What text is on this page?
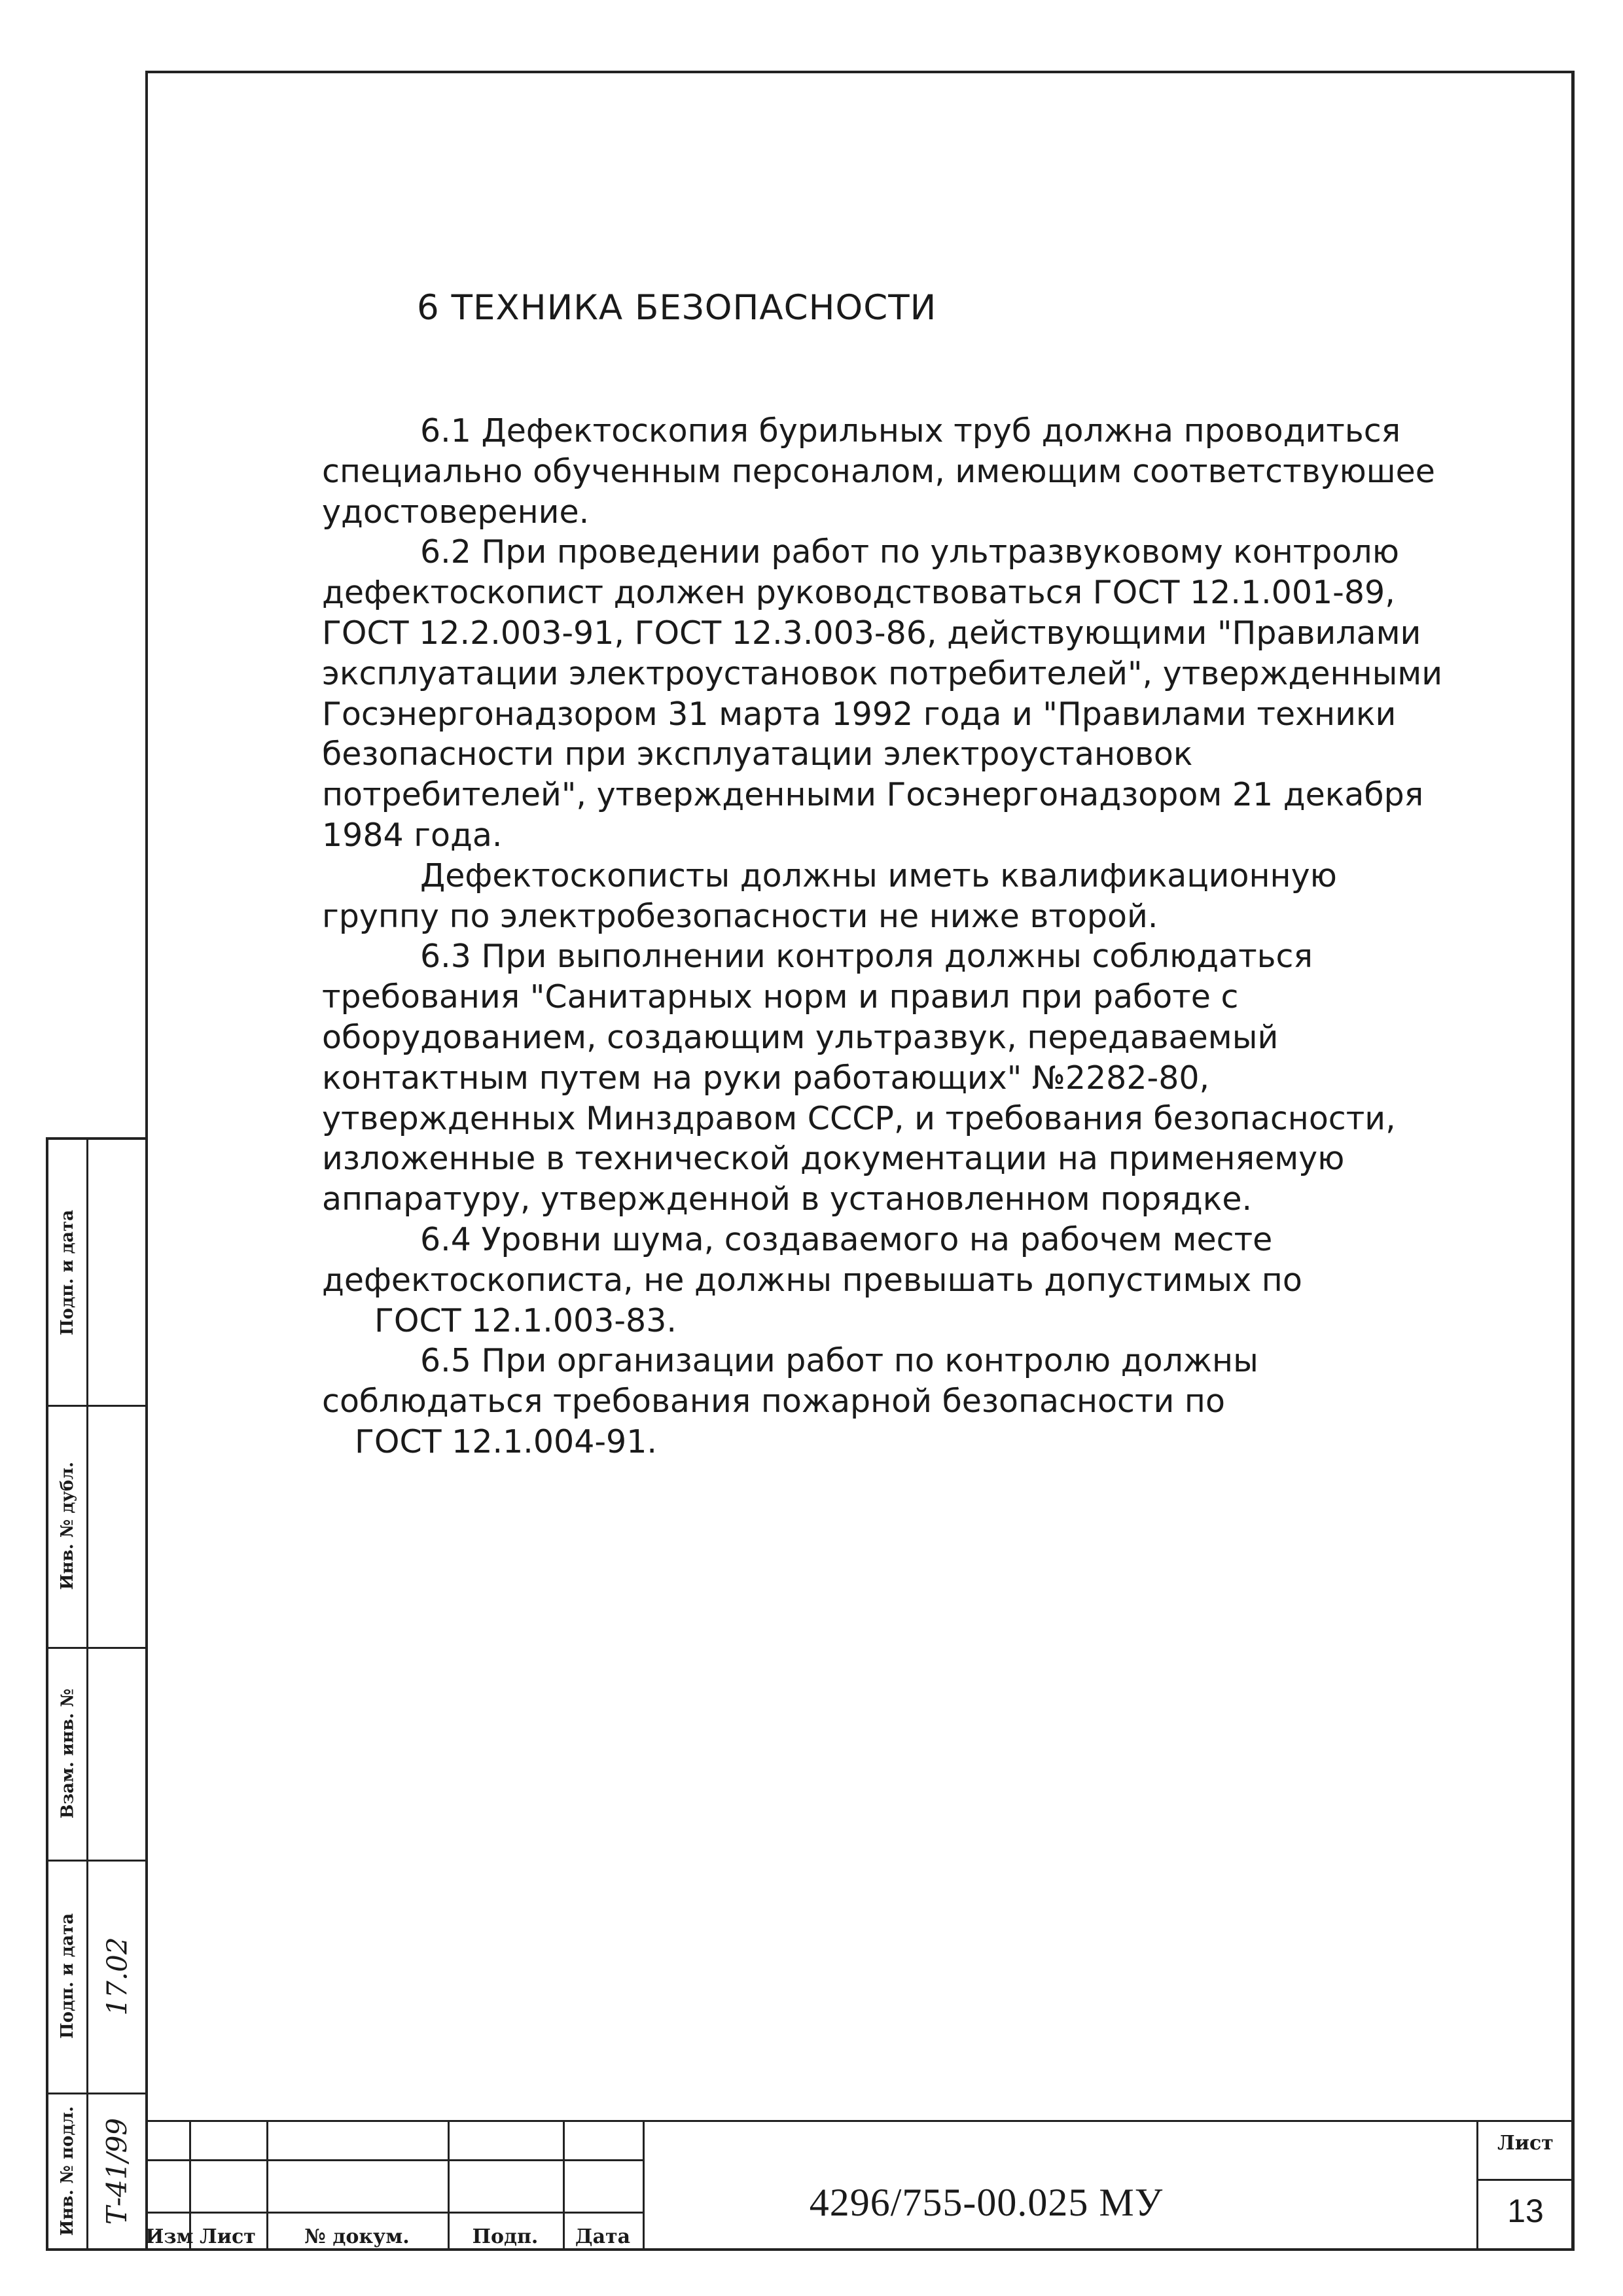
6 ТЕХНИКА БЕЗОПАСНОСТИ

6.1 Дефектоскопия бурильных труб должна проводиться специально обученным персоналом, имеющим соответствуюшее удостоверение.

6.2 При проведении работ по ультразвуковому контролю дефектоскопист должен руководствоваться ГОСТ 12.1.001-89, ГОСТ 12.2.003-91, ГОСТ 12.3.003-86, действующими "Правилами эксплуатации электроустановок потребителей", утвержденными Госэнергонадзором 31 марта 1992 года и "Правилами техники безопасности при эксплуатации электроустановок потребителей", утвержденными Госэнергонадзором 21 декабря 1984 года.

Дефектоскописты должны иметь квалификационную группу по электробезопасности не ниже второй.

6.3 При выполнении контроля должны соблюдаться требования "Санитарных норм и правил при работе с оборудованием, создающим ультразвук, передаваемый контактным путем на руки работающих" №2282-80, утвержденных Минздравом СССР, и требования безопасности, изложенные в технической документации на применяемую аппаратуру, утвержденной в установленном порядке.

6.4 Уровни шума, создаваемого на рабочем месте дефектоскописта, не должны превышать допустимых по

ГОСТ 12.1.003-83.

6.5 При организации работ по контролю должны соблюдаться требования пожарной безопасности по

ГОСТ 12.1.004-91.

Подп. и дата
Инв. № дубл.
Взам. инв. №
Подп. и дата
Инв. № подл.
17.02
Т-41/99
Изм Лист	№ докум.	Подп.	Дата
4296/755-00.025 МУ
Лист
13
